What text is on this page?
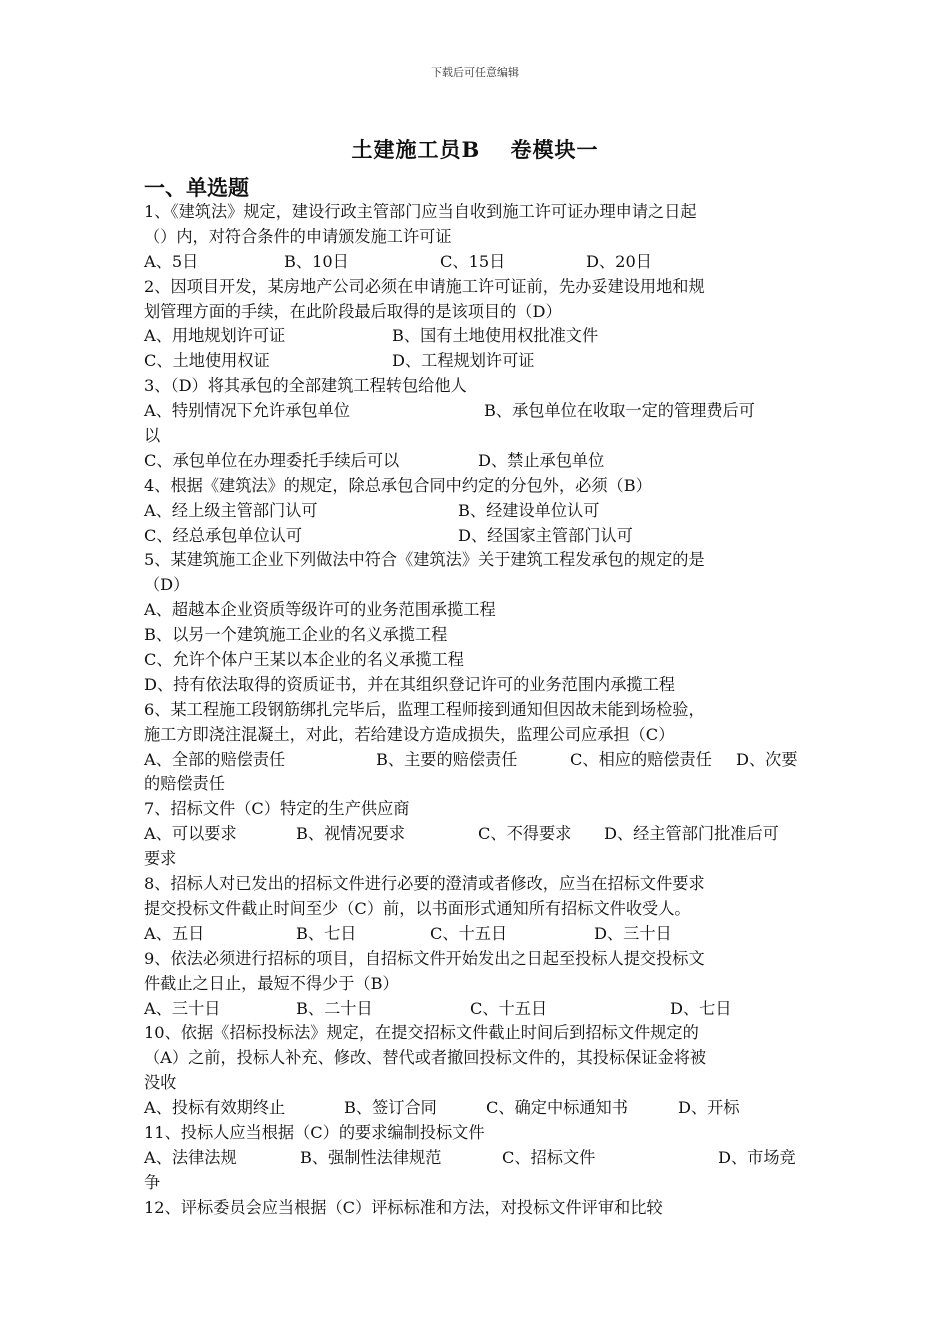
下载后可任意编辑
土建施工员B　 卷模块一
一、单选题
1、《建筑法》规定，建设行政主管部门应当自收到施工许可证办理申请之日起
（）内，对符合条件的申请颁发施工许可证
A、5日	B、10日	C、15日	D、20日
2、因项目开发，某房地产公司必须在申请施工许可证前，先办妥建设用地和规
划管理方面的手续，在此阶段最后取得的是该项目的（D）
A、用地规划许可证	B、国有土地使用权批准文件
C、土地使用权证	D、工程规划许可证
3、（D）将其承包的全部建筑工程转包给他人
A、特别情况下允许承包单位	B、承包单位在收取一定的管理费后可
以
C、承包单位在办理委托手续后可以	D、禁止承包单位
4、根据《建筑法》的规定，除总承包合同中约定的分包外，必须（B）
A、经上级主管部门认可	B、经建设单位认可
C、经总承包单位认可	D、经国家主管部门认可
5、某建筑施工企业下列做法中符合《建筑法》关于建筑工程发承包的规定的是
（D）
A、超越本企业资质等级许可的业务范围承揽工程
B、以另一个建筑施工企业的名义承揽工程
C、允许个体户王某以本企业的名义承揽工程
D、持有依法取得的资质证书，并在其组织登记许可的业务范围内承揽工程
6、某工程施工段钢筋绑扎完毕后，监理工程师接到通知但因故未能到场检验，
施工方即浇注混凝土，对此，若给建设方造成损失，监理公司应承担（C）
A、全部的赔偿责任	B、主要的赔偿责任	C、相应的赔偿责任 D、次要
的赔偿责任
7、招标文件（C）特定的生产供应商
A、可以要求	B、视情况要求	C、不得要求 D、经主管部门批准后可
要求
8、招标人对已发出的招标文件进行必要的澄清或者修改，应当在招标文件要求
提交投标文件截止时间至少（C）前，以书面形式通知所有招标文件收受人。
A、五日	B、七日	C、十五日	D、三十日
9、依法必须进行招标的项目，自招标文件开始发出之日起至投标人提交投标文
件截止之日止，最短不得少于（B）
A、三十日	B、二十日	C、十五日	D、七日
10、依据《招标投标法》规定，在提交招标文件截止时间后到招标文件规定的
（A）之前，投标人补充、修改、替代或者撤回投标文件的，其投标保证金将被
没收
A、投标有效期终止	B、签订合同	C、确定中标通知书	D、开标
11、投标人应当根据（C）的要求编制投标文件
A、法律法规	B、强制性法律规范	C、招标文件	D、市场竞
争
12、评标委员会应当根据（C）评标标准和方法，对投标文件评审和比较
